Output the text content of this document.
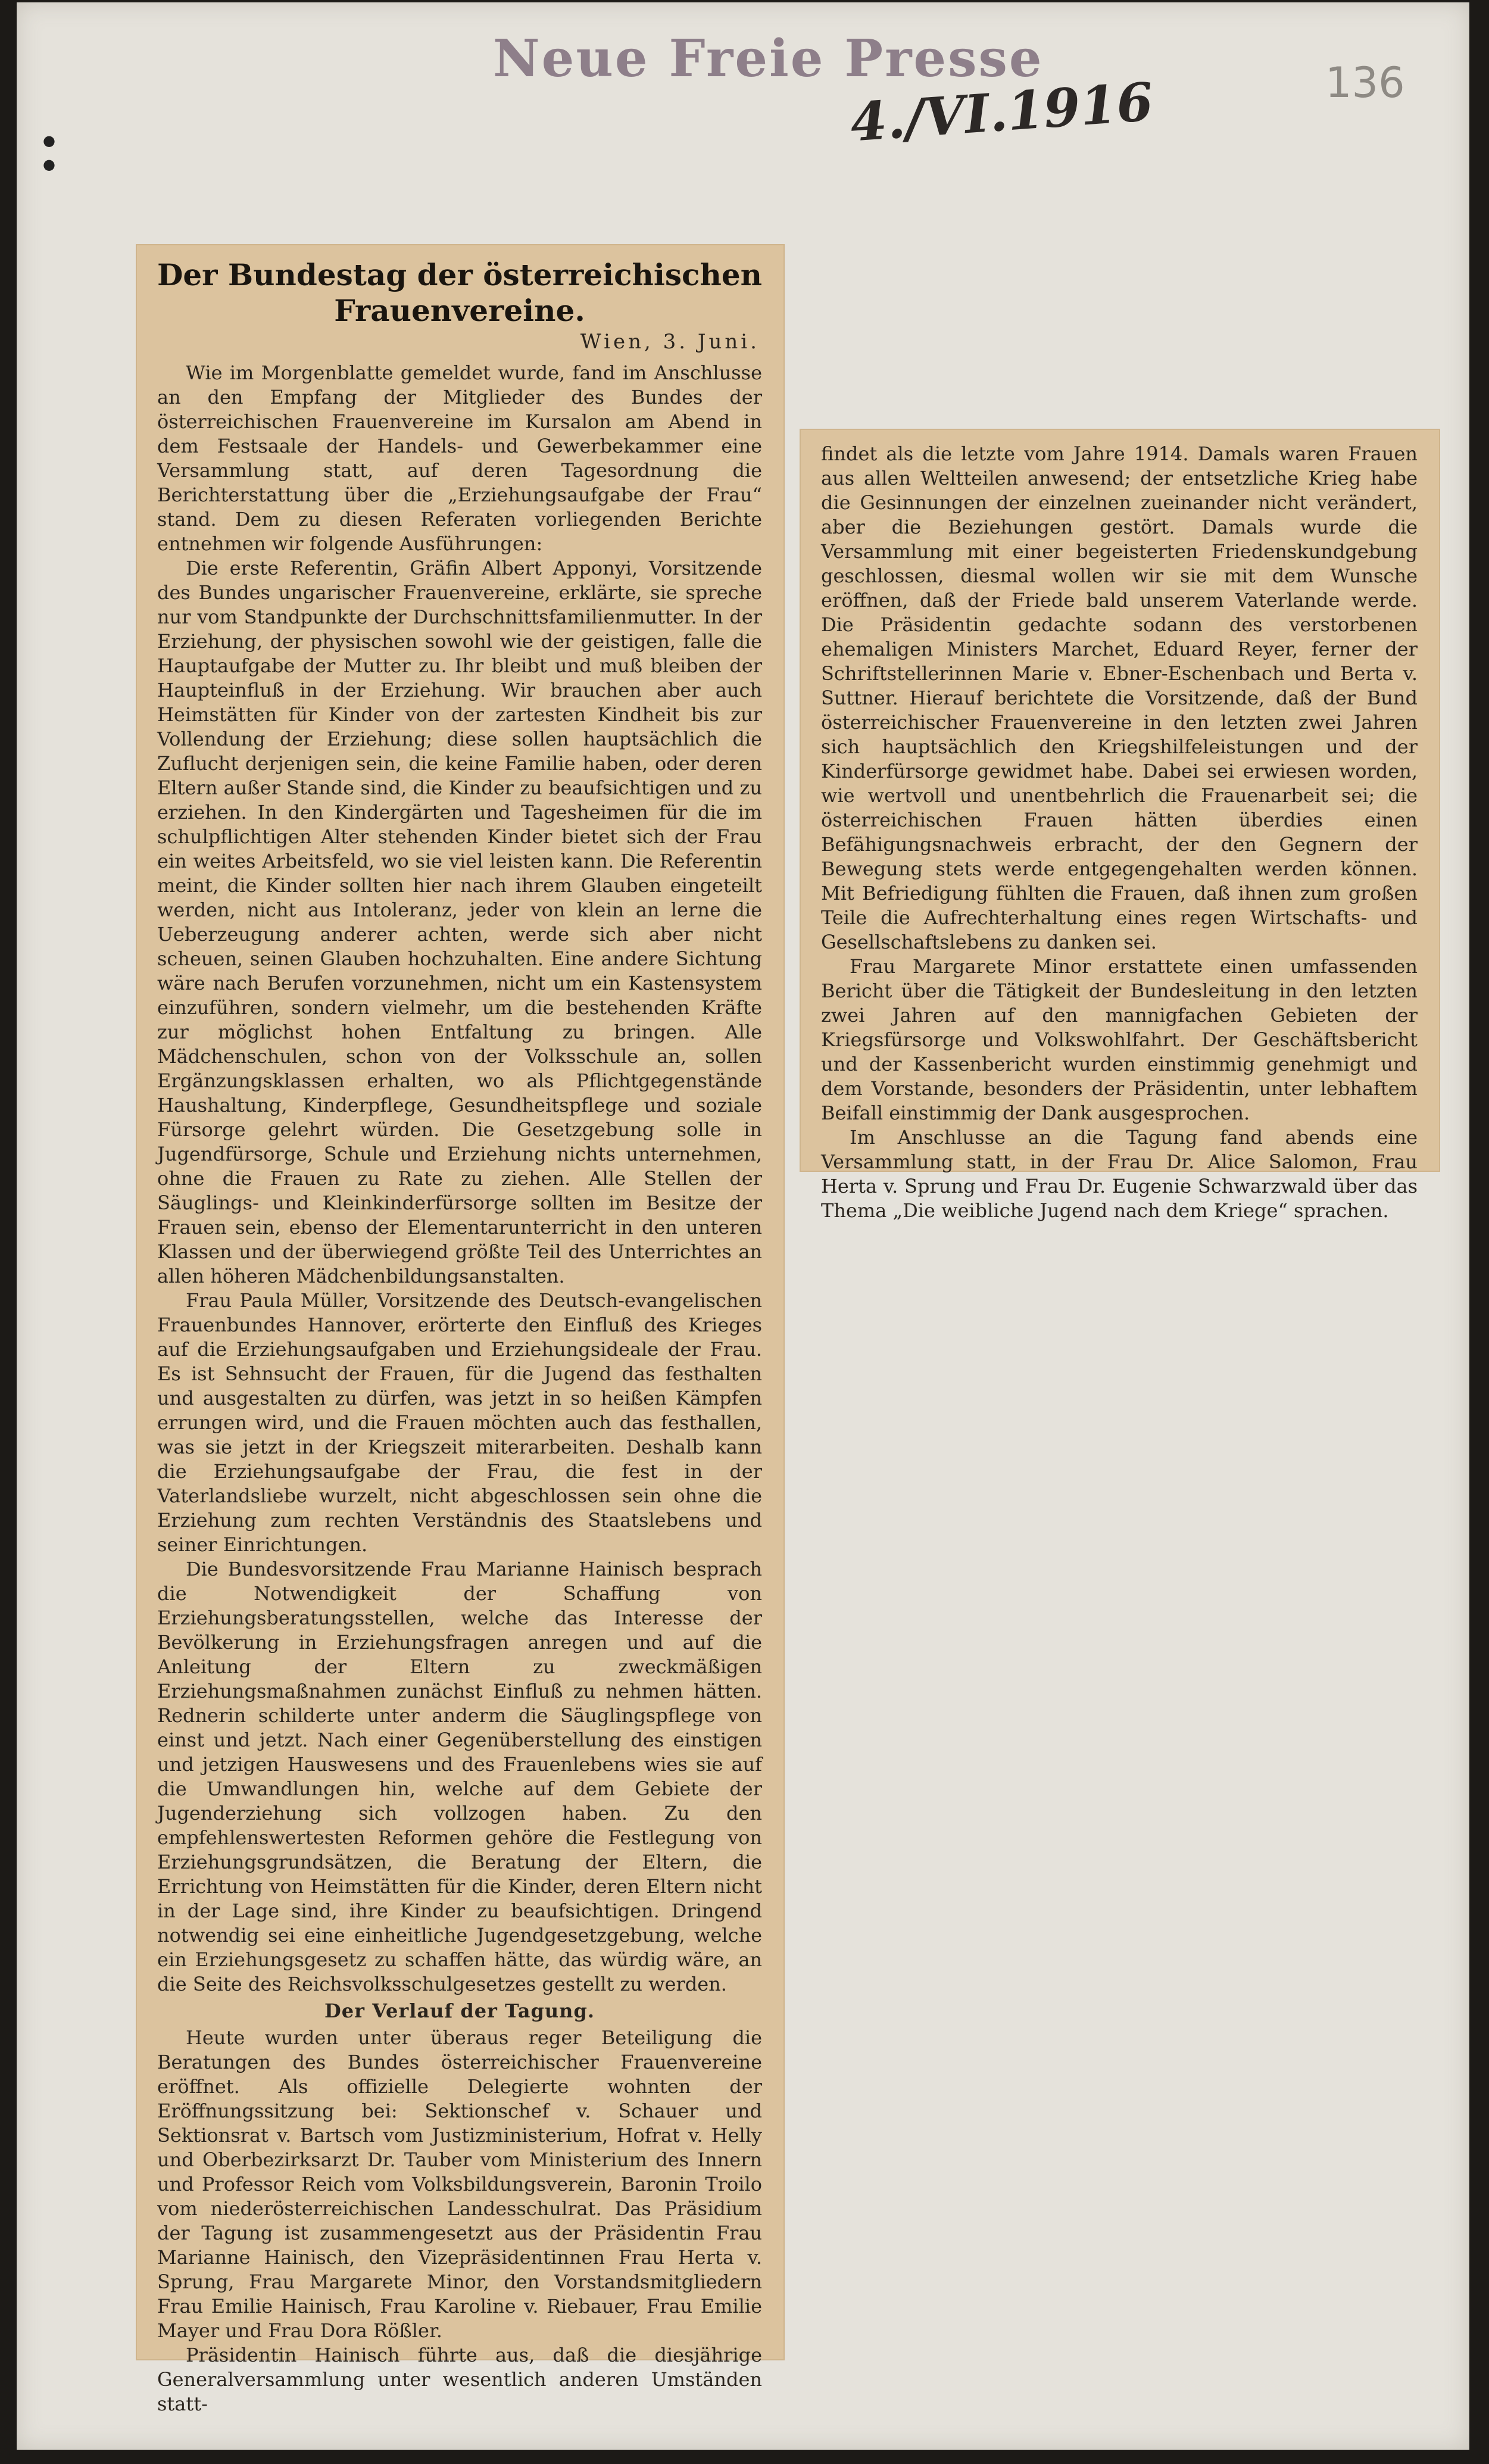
Neue Freie Presse
4./VI.1916	136
●
●
Der Bundestag der österreichischen Frauenvereine.
Wien, 3. Juni.

Wie im Morgenblatte gemeldet wurde, fand im Anschlusse an den Empfang der Mitglieder des Bundes der österreichischen Frauenvereine im Kursalon am Abend in dem Festsaale der Handels- und Gewerbekammer eine Versammlung statt, auf deren Tagesordnung die Berichterstattung über die „Erziehungsaufgabe der Frau“ stand. Dem zu diesen Referaten vorliegenden Berichte entnehmen wir folgende Ausführungen:

Die erste Referentin, Gräfin Albert Apponyi, Vorsitzende des Bundes ungarischer Frauenvereine, erklärte, sie spreche nur vom Standpunkte der Durchschnittsfamilienmutter. In der Erziehung, der physischen sowohl wie der geistigen, falle die Hauptaufgabe der Mutter zu. Ihr bleibt und muß bleiben der Haupteinfluß in der Erziehung. Wir brauchen aber auch Heimstätten für Kinder von der zartesten Kindheit bis zur Vollendung der Erziehung; diese sollen hauptsächlich die Zuflucht derjenigen sein, die keine Familie haben, oder deren Eltern außer Stande sind, die Kinder zu beaufsichtigen und zu erziehen. In den Kindergärten und Tagesheimen für die im schulpflichtigen Alter stehenden Kinder bietet sich der Frau ein weites Arbeitsfeld, wo sie viel leisten kann. Die Referentin meint, die Kinder sollten hier nach ihrem Glauben eingeteilt werden, nicht aus Intoleranz, jeder von klein an lerne die Ueberzeugung anderer achten, werde sich aber nicht scheuen, seinen Glauben hochzuhalten. Eine andere Sichtung wäre nach Berufen vorzunehmen, nicht um ein Kastensystem einzuführen, sondern vielmehr, um die bestehenden Kräfte zur möglichst hohen Entfaltung zu bringen. Alle Mädchenschulen, schon von der Volksschule an, sollen Ergänzungsklassen erhalten, wo als Pflichtgegenstände Haushaltung, Kinderpflege, Gesundheitspflege und soziale Fürsorge gelehrt würden. Die Gesetzgebung solle in Jugendfürsorge, Schule und Erziehung nichts unternehmen, ohne die Frauen zu Rate zu ziehen. Alle Stellen der Säuglings- und Kleinkinderfürsorge sollten im Besitze der Frauen sein, ebenso der Elementarunterricht in den unteren Klassen und der überwiegend größte Teil des Unterrichtes an allen höheren Mädchenbildungsanstalten.

Frau Paula Müller, Vorsitzende des Deutsch-evangelischen Frauenbundes Hannover, erörterte den Einfluß des Krieges auf die Erziehungsaufgaben und Erziehungsideale der Frau. Es ist Sehnsucht der Frauen, für die Jugend das festhalten und ausgestalten zu dürfen, was jetzt in so heißen Kämpfen errungen wird, und die Frauen möchten auch das festhallen, was sie jetzt in der Kriegszeit miterarbeiten. Deshalb kann die Erziehungsaufgabe der Frau, die fest in der Vaterlandsliebe wurzelt, nicht abgeschlossen sein ohne die Erziehung zum rechten Verständnis des Staatslebens und seiner Einrichtungen.

Die Bundesvorsitzende Frau Marianne Hainisch besprach die Notwendigkeit der Schaffung von Erziehungsberatungsstellen, welche das Interesse der Bevölkerung in Erziehungsfragen anregen und auf die Anleitung der Eltern zu zweckmäßigen Erziehungsmaßnahmen zunächst Einfluß zu nehmen hätten. Rednerin schilderte unter anderm die Säuglingspflege von einst und jetzt. Nach einer Gegenüberstellung des einstigen und jetzigen Hauswesens und des Frauenlebens wies sie auf die Umwandlungen hin, welche auf dem Gebiete der Jugenderziehung sich vollzogen haben. Zu den empfehlenswertesten Reformen gehöre die Festlegung von Erziehungsgrundsätzen, die Beratung der Eltern, die Errichtung von Heimstätten für die Kinder, deren Eltern nicht in der Lage sind, ihre Kinder zu beaufsichtigen. Dringend notwendig sei eine einheitliche Jugendgesetzgebung, welche ein Erziehungsgesetz zu schaffen hätte, das würdig wäre, an die Seite des Reichsvolksschulgesetzes gestellt zu werden.

Der Verlauf der Tagung.

Heute wurden unter überaus reger Beteiligung die Beratungen des Bundes österreichischer Frauenvereine eröffnet. Als offizielle Delegierte wohnten der Eröffnungssitzung bei: Sektionschef v. Schauer und Sektionsrat v. Bartsch vom Justizministerium, Hofrat v. Helly und Oberbezirksarzt Dr. Tauber vom Ministerium des Innern und Professor Reich vom Volksbildungsverein, Baronin Troilo vom niederösterreichischen Landesschulrat. Das Präsidium der Tagung ist zusammengesetzt aus der Präsidentin Frau Marianne Hainisch, den Vizepräsidentinnen Frau Herta v. Sprung, Frau Margarete Minor, den Vorstandsmitgliedern Frau Emilie Hainisch, Frau Karoline v. Riebauer, Frau Emilie Mayer und Frau Dora Rößler.

Präsidentin Hainisch führte aus, daß die diesjährige Generalversammlung unter wesentlich anderen Umständen statt-

findet als die letzte vom Jahre 1914. Damals waren Frauen aus allen Weltteilen anwesend; der entsetzliche Krieg habe die Gesinnungen der einzelnen zueinander nicht verändert, aber die Beziehungen gestört. Damals wurde die Versammlung mit einer begeisterten Friedenskundgebung geschlossen, diesmal wollen wir sie mit dem Wunsche eröffnen, daß der Friede bald unserem Vaterlande werde. Die Präsidentin gedachte sodann des verstorbenen ehemaligen Ministers Marchet, Eduard Reyer, ferner der Schriftstellerinnen Marie v. Ebner-Eschenbach und Berta v. Suttner. Hierauf berichtete die Vorsitzende, daß der Bund österreichischer Frauenvereine in den letzten zwei Jahren sich hauptsächlich den Kriegshilfeleistungen und der Kinderfürsorge gewidmet habe. Dabei sei erwiesen worden, wie wertvoll und unentbehrlich die Frauenarbeit sei; die österreichischen Frauen hätten überdies einen Befähigungsnachweis erbracht, der den Gegnern der Bewegung stets werde entgegengehalten werden können. Mit Befriedigung fühlten die Frauen, daß ihnen zum großen Teile die Aufrechterhaltung eines regen Wirtschafts- und Gesellschaftslebens zu danken sei.

Frau Margarete Minor erstattete einen umfassenden Bericht über die Tätigkeit der Bundesleitung in den letzten zwei Jahren auf den mannigfachen Gebieten der Kriegsfürsorge und Volkswohlfahrt. Der Geschäftsbericht und der Kassenbericht wurden einstimmig genehmigt und dem Vorstande, besonders der Präsidentin, unter lebhaftem Beifall einstimmig der Dank ausgesprochen.

Im Anschlusse an die Tagung fand abends eine Versammlung statt, in der Frau Dr. Alice Salomon, Frau Herta v. Sprung und Frau Dr. Eugenie Schwarzwald über das Thema „Die weibliche Jugend nach dem Kriege“ sprachen.
